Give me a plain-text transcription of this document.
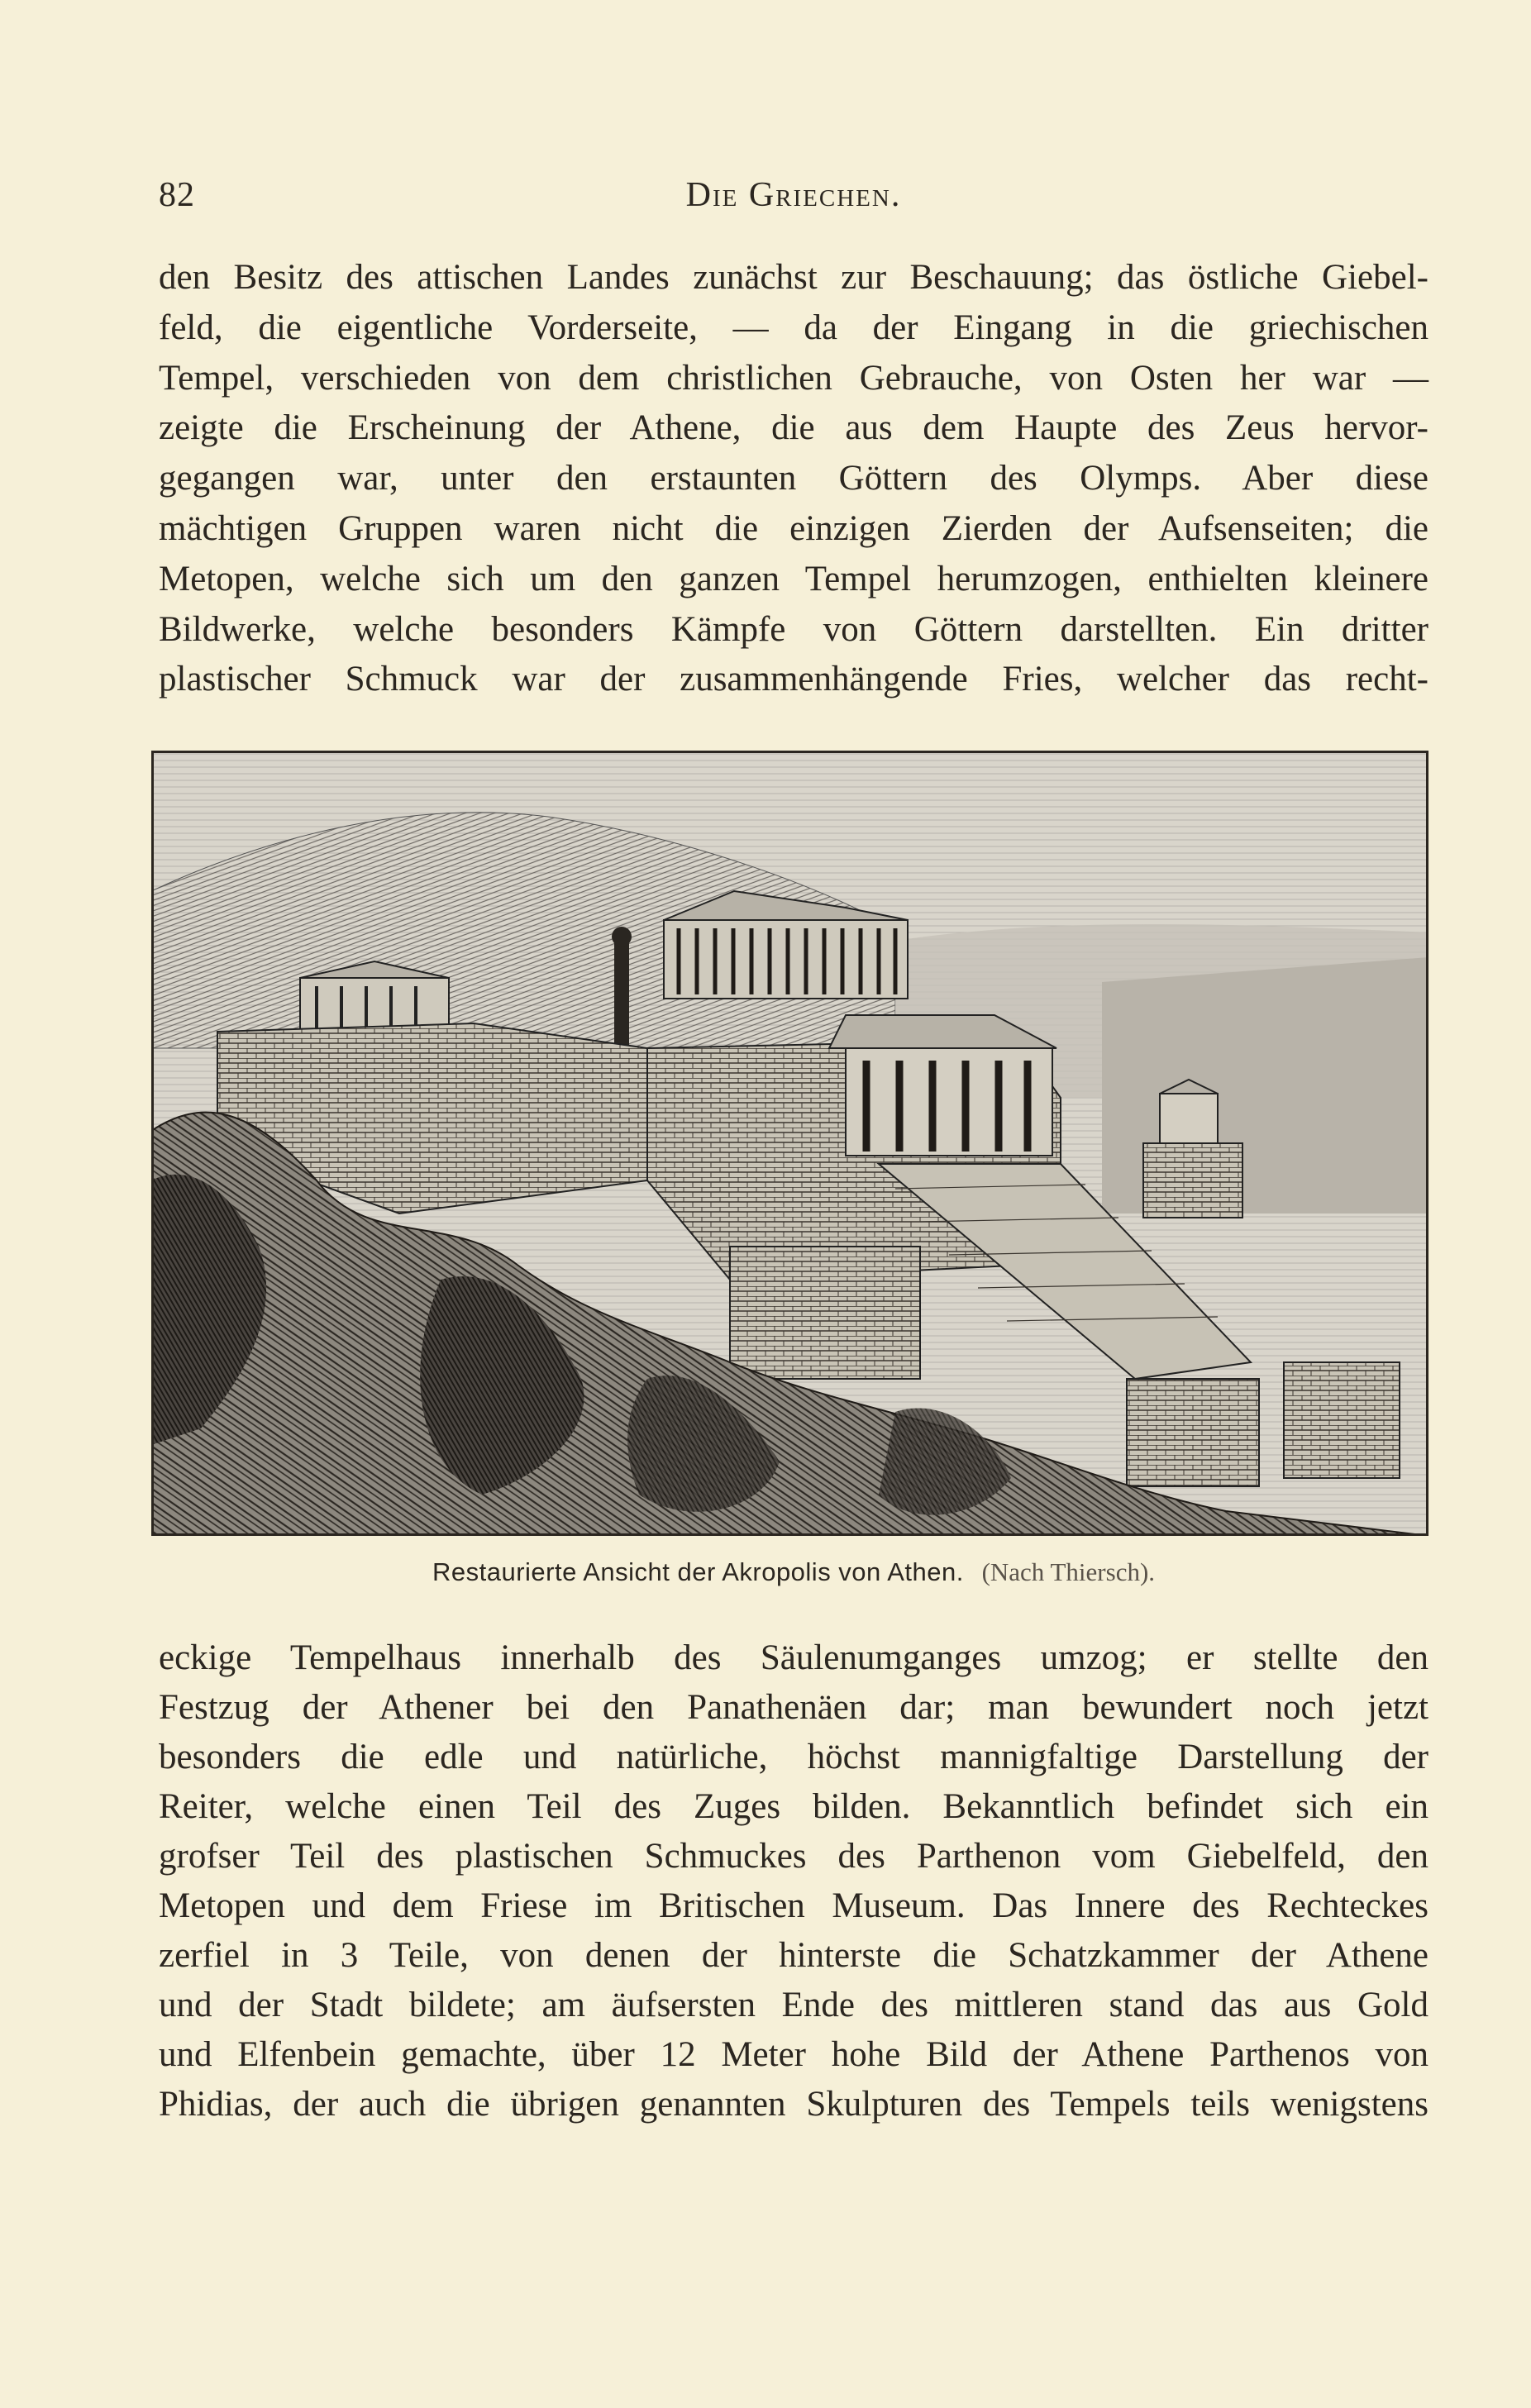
82	Die Griechen.
den Besitz des attischen Landes zunächst zur Beschauung; das östliche Giebel-
feld, die eigentliche Vorderseite, — da der Eingang in die griechischen
Tempel, verschieden von dem christlichen Gebrauche, von Osten her war —
zeigte die Erscheinung der Athene, die aus dem Haupte des Zeus hervor-
gegangen war, unter den erstaunten Göttern des Olymps. Aber diese
mächtigen Gruppen waren nicht die einzigen Zierden der Aufsenseiten; die
Metopen, welche sich um den ganzen Tempel herumzogen, enthielten kleinere
Bildwerke, welche besonders Kämpfe von Göttern darstellten. Ein dritter
plastischer Schmuck war der zusammenhängende Fries, welcher das recht-
Restaurierte Ansicht der Akropolis von Athen. (Nach Thiersch).
eckige Tempelhaus innerhalb des Säulenumganges umzog; er stellte den
Festzug der Athener bei den Panathenäen dar; man bewundert noch jetzt
besonders die edle und natürliche, höchst mannigfaltige Darstellung der
Reiter, welche einen Teil des Zuges bilden. Bekanntlich befindet sich ein
grofser Teil des plastischen Schmuckes des Parthenon vom Giebelfeld, den
Metopen und dem Friese im Britischen Museum. Das Innere des Rechteckes
zerfiel in 3 Teile, von denen der hinterste die Schatzkammer der Athene
und der Stadt bildete; am äufsersten Ende des mittleren stand das aus Gold
und Elfenbein gemachte, über 12 Meter hohe Bild der Athene Parthenos von
Phidias, der auch die übrigen genannten Skulpturen des Tempels teils wenigstens
